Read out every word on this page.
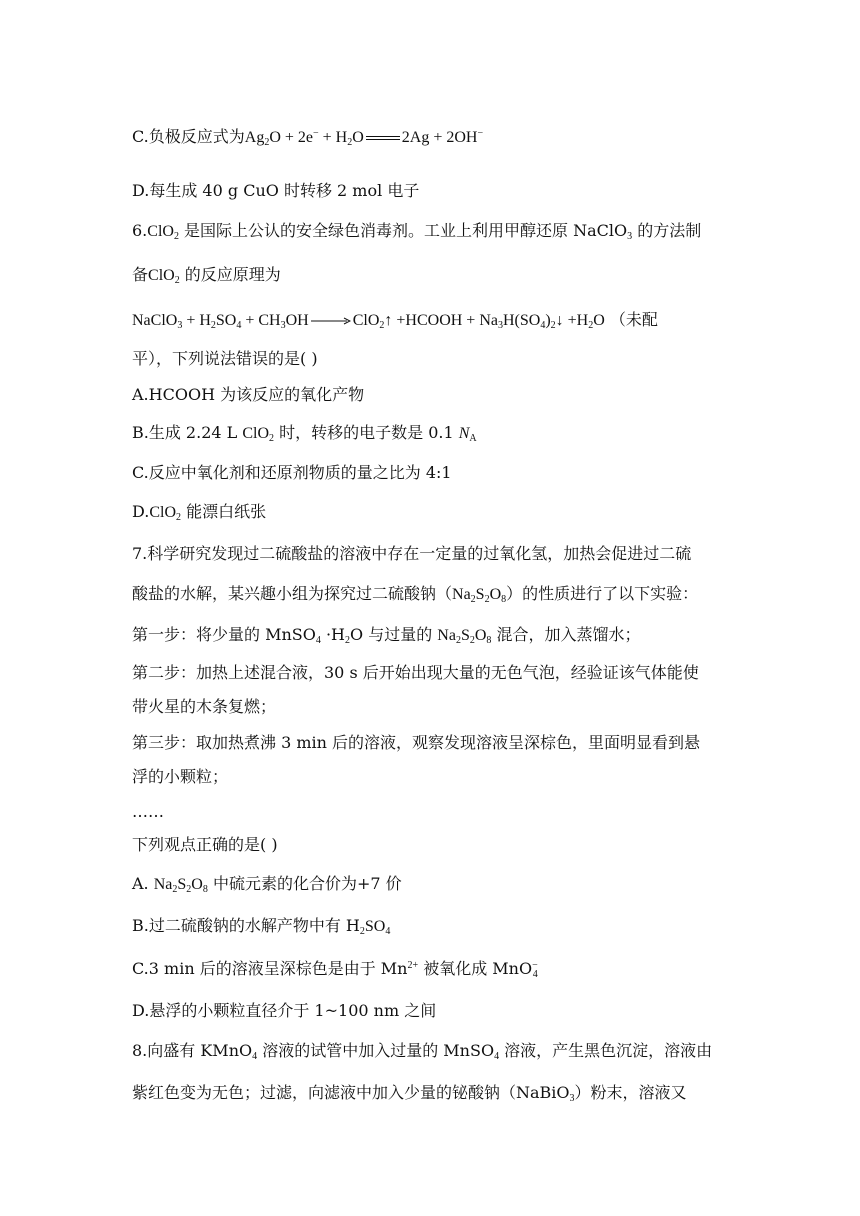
C.负极反应式为$Ag_2O + 2e^- + H_2O$ 2Ag + 2OH−
D.每生成 40 g CuO 时转移 2 mol 电子
6.ClO$_2$ 是国际上公认的安全绿色消毒剂。工业上利用甲醇还原 NaClO$_3$ 的方法制
备ClO$_2$ 的反应原理为
NaClO$_3$ + $H_2SO_4 + CH_3OH$ → ClO$_2$↑ +HCOOH + $Na_3H(SO_4)_2↓ +H_2O$ （未配
平），下列说法错误的是( )
A.HCOOH 为该反应的氧化产物
B.生成 2.24 L ClO$_2$ 时，转移的电子数是 0.1 $N_A$
C.反应中氧化剂和还原剂物质的量之比为 4:1
D.ClO$_2$ 能漂白纸张
7.科学研究发现过二硫酸盐的溶液中存在一定量的过氧化氢，加热会促进过二硫
酸盐的水解，某兴趣小组为探究过二硫酸钠$(Na_2S_2O_8)$的性质进行了以下实验：
第一步：将少量的 MnSO$_4$ $\cdot H_2O$ 与过量的 $Na_2S_2O_8$ 混合，加入蒸馏水；
第二步：加热上述混合液，30 s 后开始出现大量的无色气泡，经验证该气体能使
带火星的木条复燃；
第三步：取加热煮沸 3 min 后的溶液，观察发现溶液呈深棕色，里面明显看到悬
浮的小颗粒；
……
下列观点正确的是( )
A. $Na_2S_2O_8$ 中硫元素的化合价为+7 价
B.过二硫酸钠的水解产物中有 $H_2SO_4$
C.3 min 后的溶液呈深棕色是由于 $Mn^{2+}$ 被氧化成 MnO−$_4$
D.悬浮的小颗粒直径介于 1~100 nm 之间
8.向盛有 KMnO$_4$ 溶液的试管中加入过量的 MnSO$_4$ 溶液，产生黑色沉淀，溶液由
紫红色变为无色；过滤，向滤液中加入少量的铋酸钠（NaBiO$_3$）粉末，溶液又
